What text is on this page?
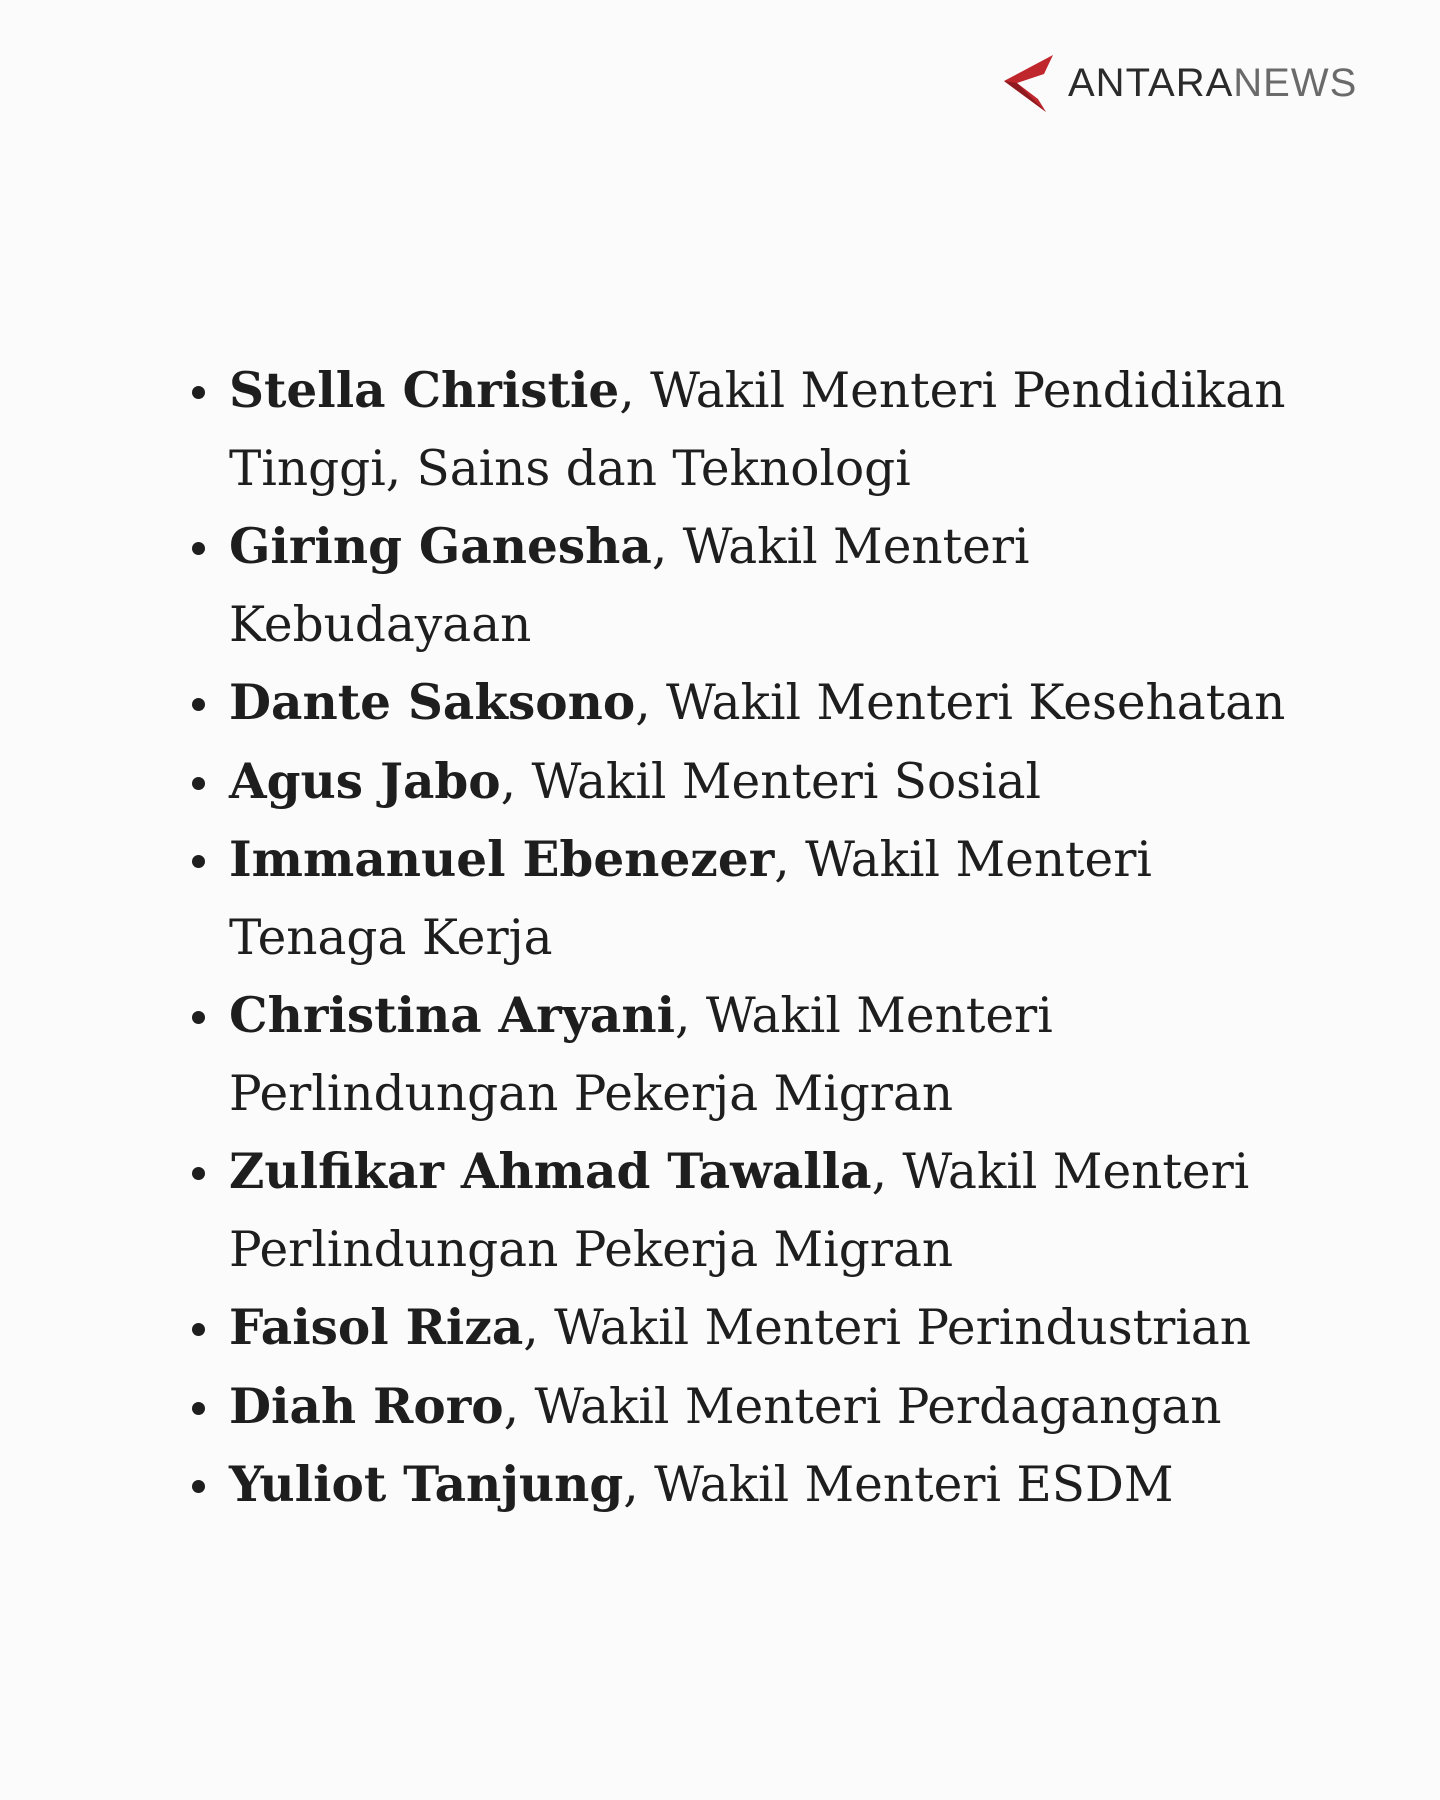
ANTARANEWS
Stella Christie, Wakil Menteri Pendidikan Tinggi, Sains dan Teknologi
Giring Ganesha, Wakil Menteri Kebudayaan
Dante Saksono, Wakil Menteri Kesehatan
Agus Jabo, Wakil Menteri Sosial
Immanuel Ebenezer, Wakil Menteri Tenaga Kerja
Christina Aryani, Wakil Menteri Perlindungan Pekerja Migran
Zulfikar Ahmad Tawalla, Wakil Menteri Perlindungan Pekerja Migran
Faisol Riza, Wakil Menteri Perindustrian
Diah Roro, Wakil Menteri Perdagangan
Yuliot Tanjung, Wakil Menteri ESDM
